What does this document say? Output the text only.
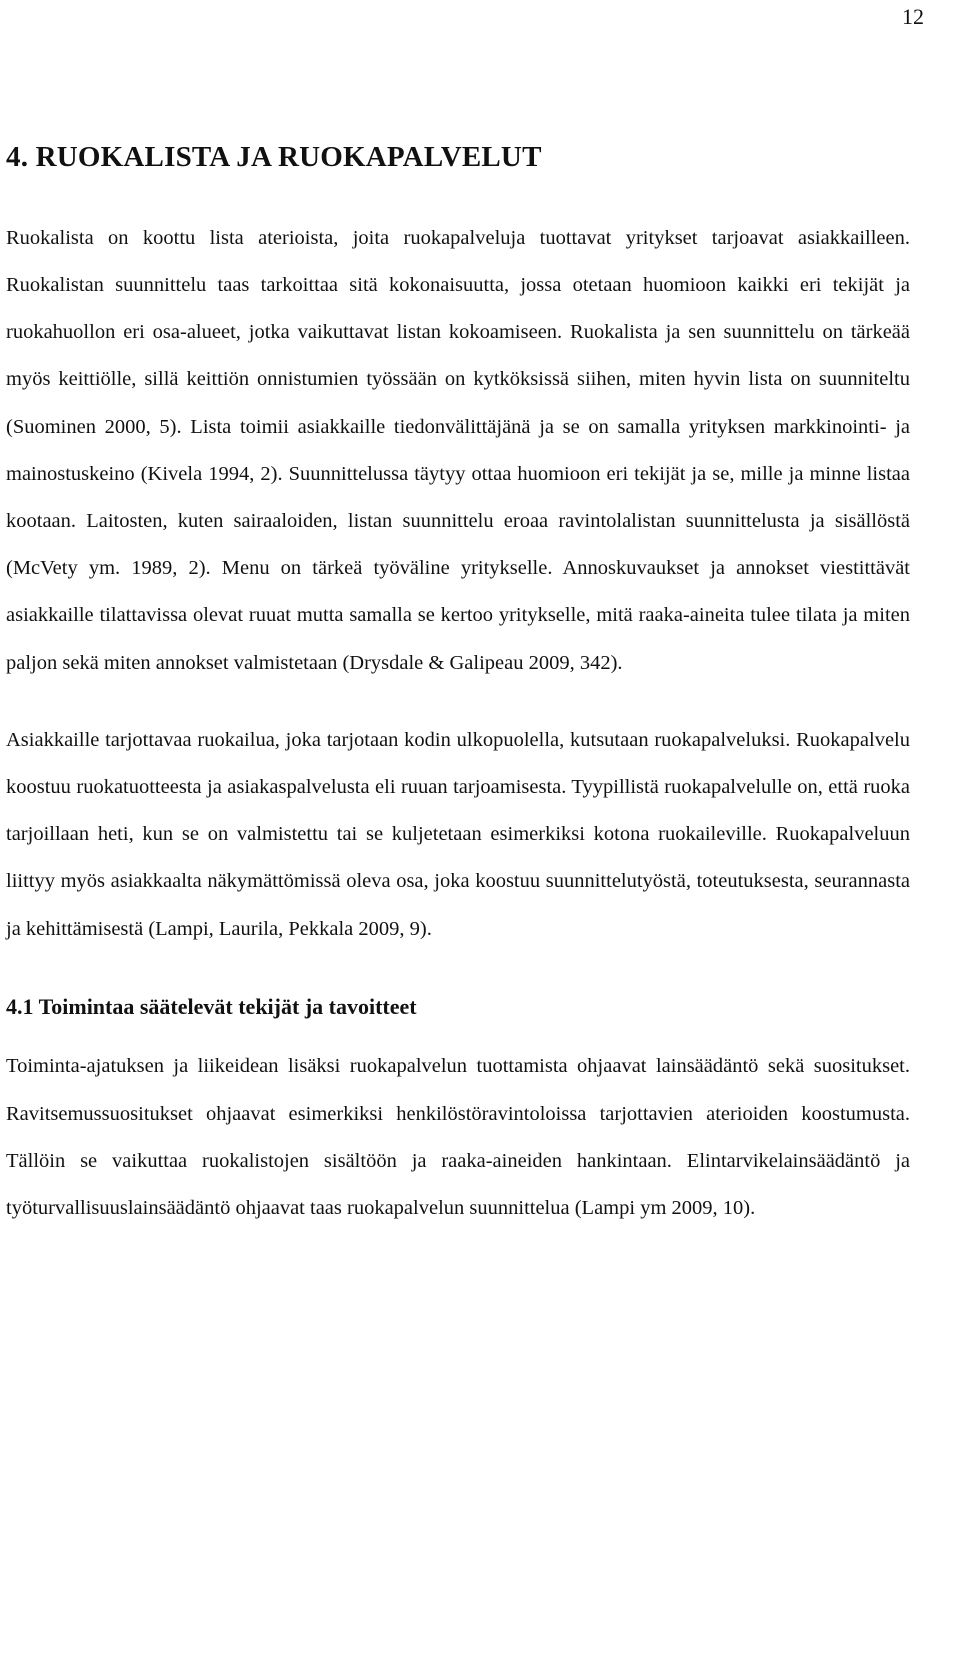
12
4. RUOKALISTA JA RUOKAPALVELUT

Ruokalista on koottu lista aterioista, joita ruokapalveluja tuottavat yritykset tarjoavat asiakkailleen. Ruokalistan suunnittelu taas tarkoittaa sitä kokonaisuutta, jossa otetaan huomioon kaikki eri tekijät ja ruokahuollon eri osa-alueet, jotka vaikuttavat listan kokoamiseen. Ruokalista ja sen suunnittelu on tärkeää myös keittiölle, sillä keittiön onnistumien työssään on kytköksissä siihen, miten hyvin lista on suunniteltu (Suominen 2000, 5). Lista toimii asiakkaille tiedonvälittäjänä ja se on samalla yrityksen markkinointi- ja mainostuskeino (Kivela 1994, 2). Suunnittelussa täytyy ottaa huomioon eri tekijät ja se, mille ja minne listaa kootaan. Laitosten, kuten sairaaloiden, listan suunnittelu eroaa ravintolalistan suunnittelusta ja sisällöstä (McVety ym. 1989, 2). Menu on tärkeä työväline yritykselle. Annoskuvaukset ja annokset viestittävät asiakkaille tilattavissa olevat ruuat mutta samalla se kertoo yritykselle, mitä raaka-aineita tulee tilata ja miten paljon sekä miten annokset valmistetaan (Drysdale & Galipeau 2009, 342).

Asiakkaille tarjottavaa ruokailua, joka tarjotaan kodin ulkopuolella, kutsutaan ruokapalveluksi. Ruokapalvelu koostuu ruokatuotteesta ja asiakaspalvelusta eli ruuan tarjoamisesta. Tyypillistä ruokapalvelulle on, että ruoka tarjoillaan heti, kun se on valmistettu tai se kuljetetaan esimerkiksi kotona ruokaileville. Ruokapalveluun liittyy myös asiakkaalta näkymättömissä oleva osa, joka koostuu suunnittelutyöstä, toteutuksesta, seurannasta ja kehittämisestä (Lampi, Laurila, Pekkala 2009, 9).

4.1 Toimintaa säätelevät tekijät ja tavoitteet

Toiminta-ajatuksen ja liikeidean lisäksi ruokapalvelun tuottamista ohjaavat lainsäädäntö sekä suositukset. Ravitsemussuositukset ohjaavat esimerkiksi henkilöstöravintoloissa tarjottavien aterioiden koostumusta. Tällöin se vaikuttaa ruokalistojen sisältöön ja raaka-aineiden hankintaan. Elintarvikelainsäädäntö ja työturvallisuuslainsäädäntö ohjaavat taas ruokapalvelun suunnittelua (Lampi ym 2009, 10).
